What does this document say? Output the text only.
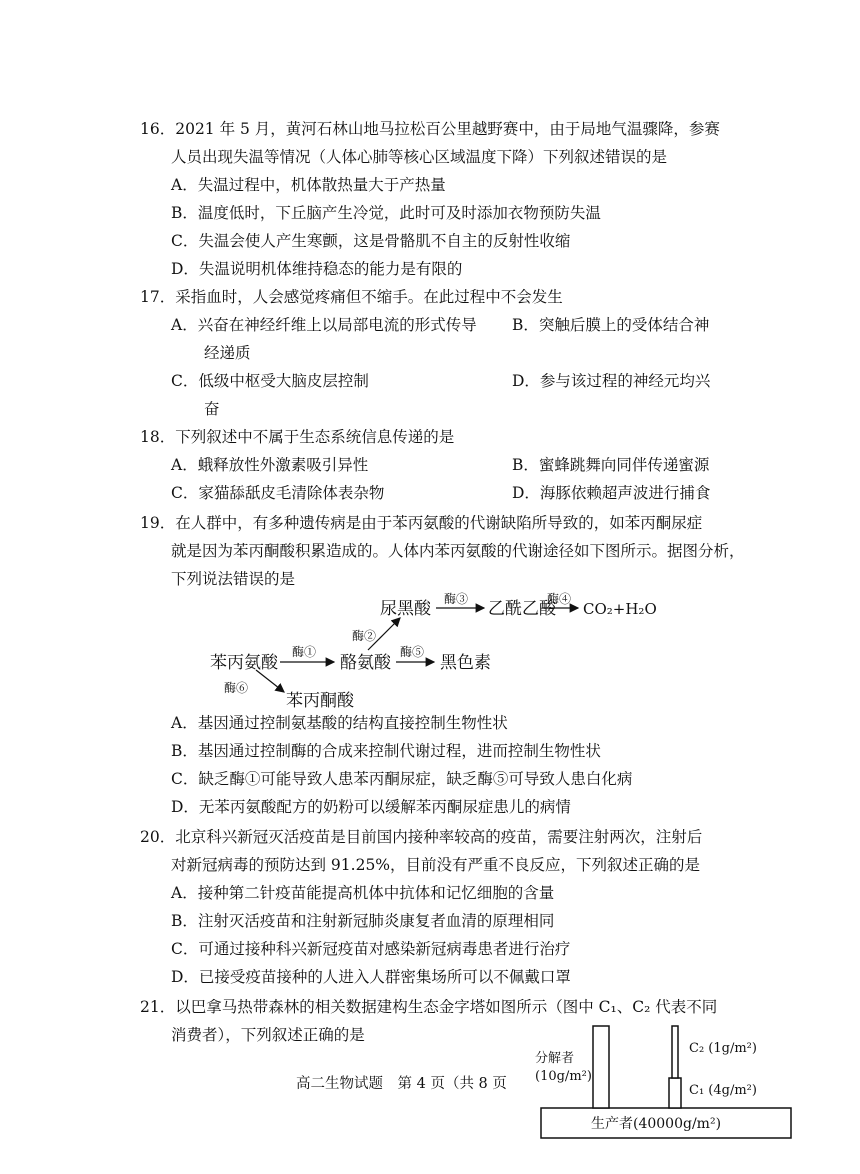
16．2021 年 5 月，黄河石林山地马拉松百公里越野赛中，由于局地气温骤降，参赛
人员出现失温等情况（人体心肺等核心区域温度下降）下列叙述错误的是
A．失温过程中，机体散热量大于产热量
B．温度低时，下丘脑产生冷觉，此时可及时添加衣物预防失温
C．失温会使人产生寒颤，这是骨骼肌不自主的反射性收缩
D．失温说明机体维持稳态的能力是有限的
17．采指血时，人会感觉疼痛但不缩手。在此过程中不会发生
A．兴奋在神经纤维上以局部电流的形式传导 B．突触后膜上的受体结合神
经递质
C．低级中枢受大脑皮层控制	D．参与该过程的神经元均兴
奋
18．下列叙述中不属于生态系统信息传递的是
A．蛾释放性外激素吸引异性	B．蜜蜂跳舞向同伴传递蜜源
C．家猫舔舐皮毛清除体表杂物	D．海豚依赖超声波进行捕食
19．在人群中，有多种遗传病是由于苯丙氨酸的代谢缺陷所导致的，如苯丙酮尿症
就是因为苯丙酮酸积累造成的。人体内苯丙氨酸的代谢途径如下图所示。据图分析，
下列说法错误的是
苯丙氨酸	酪氨酸
尿黑酸	乙酰乙酸 CO₂+H₂O
黑色素
苯丙酮酸
酶①
酶②
酶③	酶④
酶⑤
酶⑥
A．基因通过控制氨基酸的结构直接控制生物性状
B．基因通过控制酶的合成来控制代谢过程，进而控制生物性状
C．缺乏酶①可能导致人患苯丙酮尿症，缺乏酶⑤可导致人患白化病
D．无苯丙氨酸配方的奶粉可以缓解苯丙酮尿症患儿的病情
20．北京科兴新冠灭活疫苗是目前国内接种率较高的疫苗，需要注射两次，注射后
对新冠病毒的预防达到 91.25%，目前没有严重不良反应，下列叙述正确的是
A．接种第二针疫苗能提高机体中抗体和记忆细胞的含量
B．注射灭活疫苗和注射新冠肺炎康复者血清的原理相同
C．可通过接种科兴新冠疫苗对感染新冠病毒患者进行治疗
D．已接受疫苗接种的人进入人群密集场所可以不佩戴口罩
21．以巴拿马热带森林的相关数据建构生态金字塔如图所示（图中 C₁、C₂ 代表不同
消费者），下列叙述正确的是
生产者(40000g/m²)
分解者
(10g/m²)
C₂ (1g/m²)
C₁ (4g/m²)
高二生物试题　第 4 页（共 8 页
